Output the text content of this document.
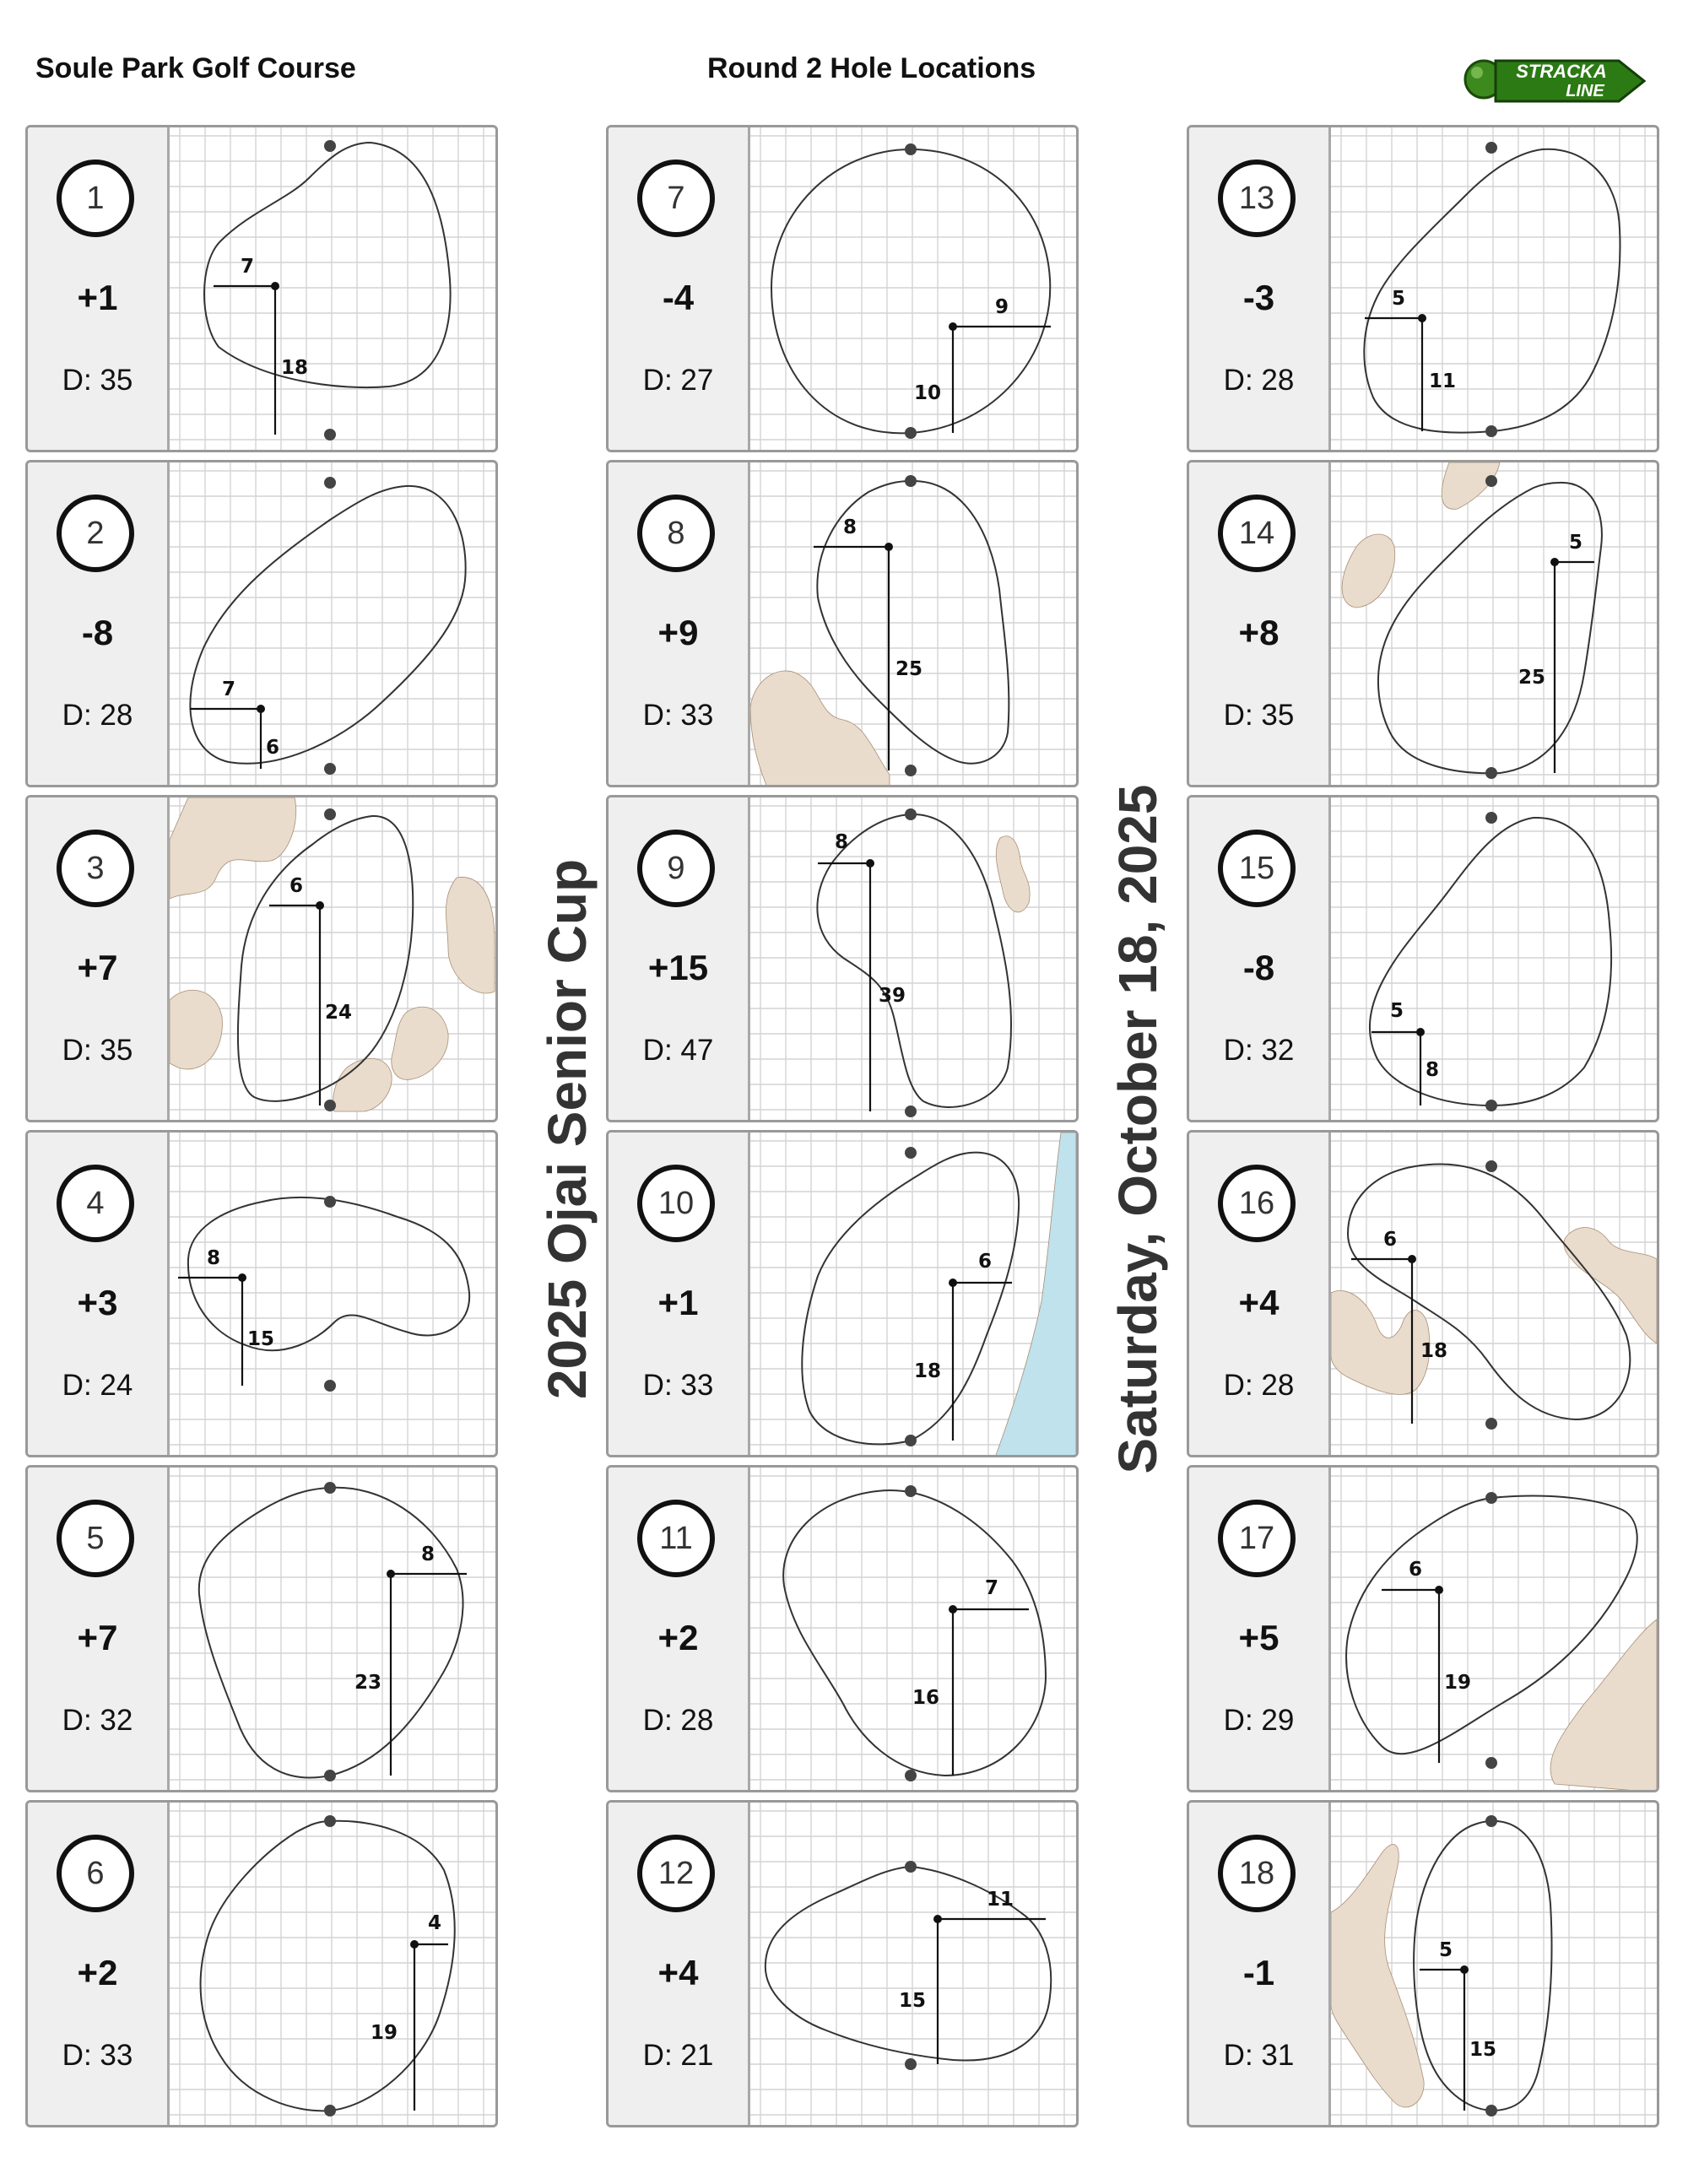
Soule Park Golf Course	Round 2 Hole Locations	STRACKA
LINE
2025 Ojai Senior Cup	Saturday, October 18, 2025
1
+1
D: 35
7
18
2
-8
D: 28
7
6
3
+7
D: 35
6
24
4
+3
D: 24
8
15
5
+7
D: 32
8
23
6
+2
D: 33
4
19
7
-4
D: 27
9
10
8
+9
D: 33
8
25
9
+15
D: 47
8
39
10
+1
D: 33
6
18
11
+2
D: 28
7
16
12
+4
D: 21
11
15
13
-3
D: 28
5
11
14
+8
D: 35
5
25
15
-8
D: 32
5
8
16
+4
D: 28
6
18
17
+5
D: 29
6
19
18
-1
D: 31
5
15
